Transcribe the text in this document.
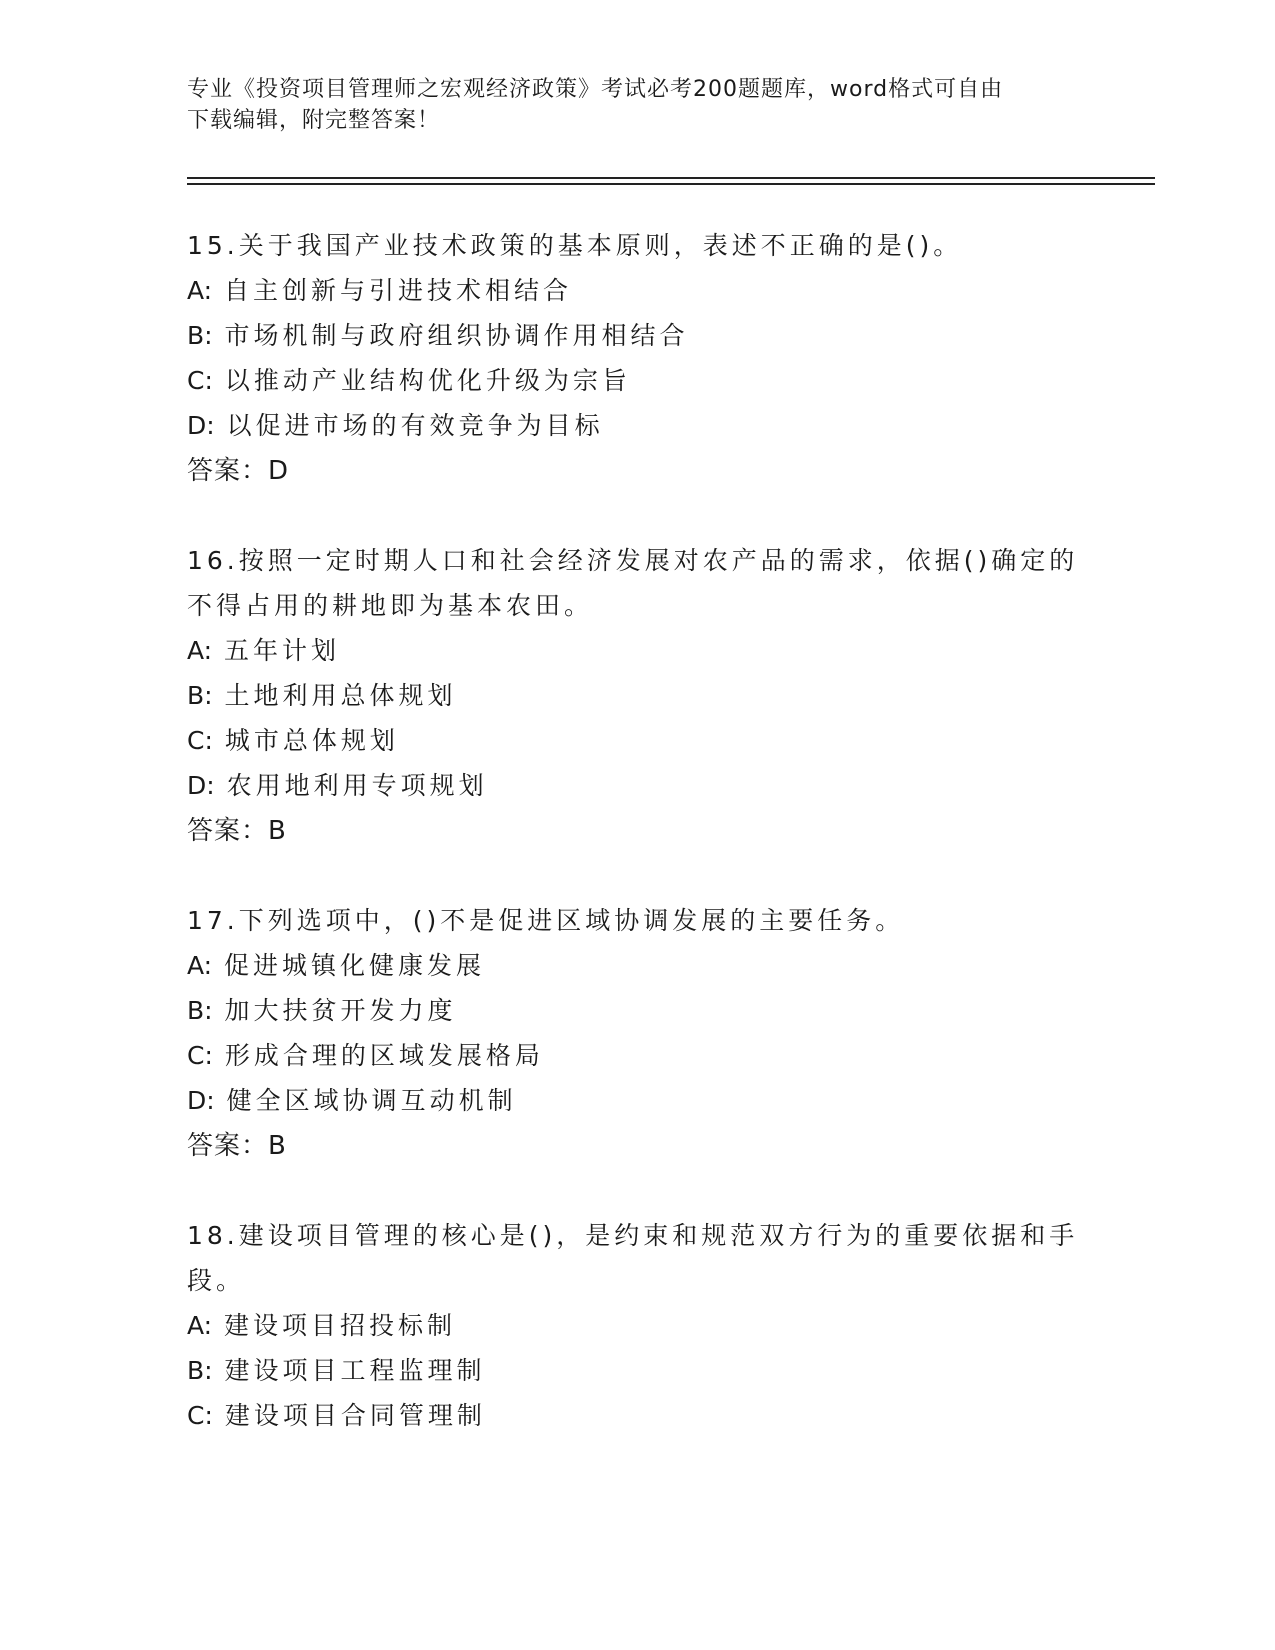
专业《投资项目管理师之宏观经济政策》考试必考200题题库，word格式可自由
下载编辑，附完整答案！
15.关于我国产业技术政策的基本原则，表述不正确的是()。
A: 自主创新与引进技术相结合
B: 市场机制与政府组织协调作用相结合
C: 以推动产业结构优化升级为宗旨
D: 以促进市场的有效竞争为目标
答案：D
16.按照一定时期人口和社会经济发展对农产品的需求，依据()确定的
不得占用的耕地即为基本农田。
A: 五年计划
B: 土地利用总体规划
C: 城市总体规划
D: 农用地利用专项规划
答案：B
17.下列选项中，()不是促进区域协调发展的主要任务。
A: 促进城镇化健康发展
B: 加大扶贫开发力度
C: 形成合理的区域发展格局
D: 健全区域协调互动机制
答案：B
18.建设项目管理的核心是()，是约束和规范双方行为的重要依据和手
段。
A: 建设项目招投标制
B: 建设项目工程监理制
C: 建设项目合同管理制
